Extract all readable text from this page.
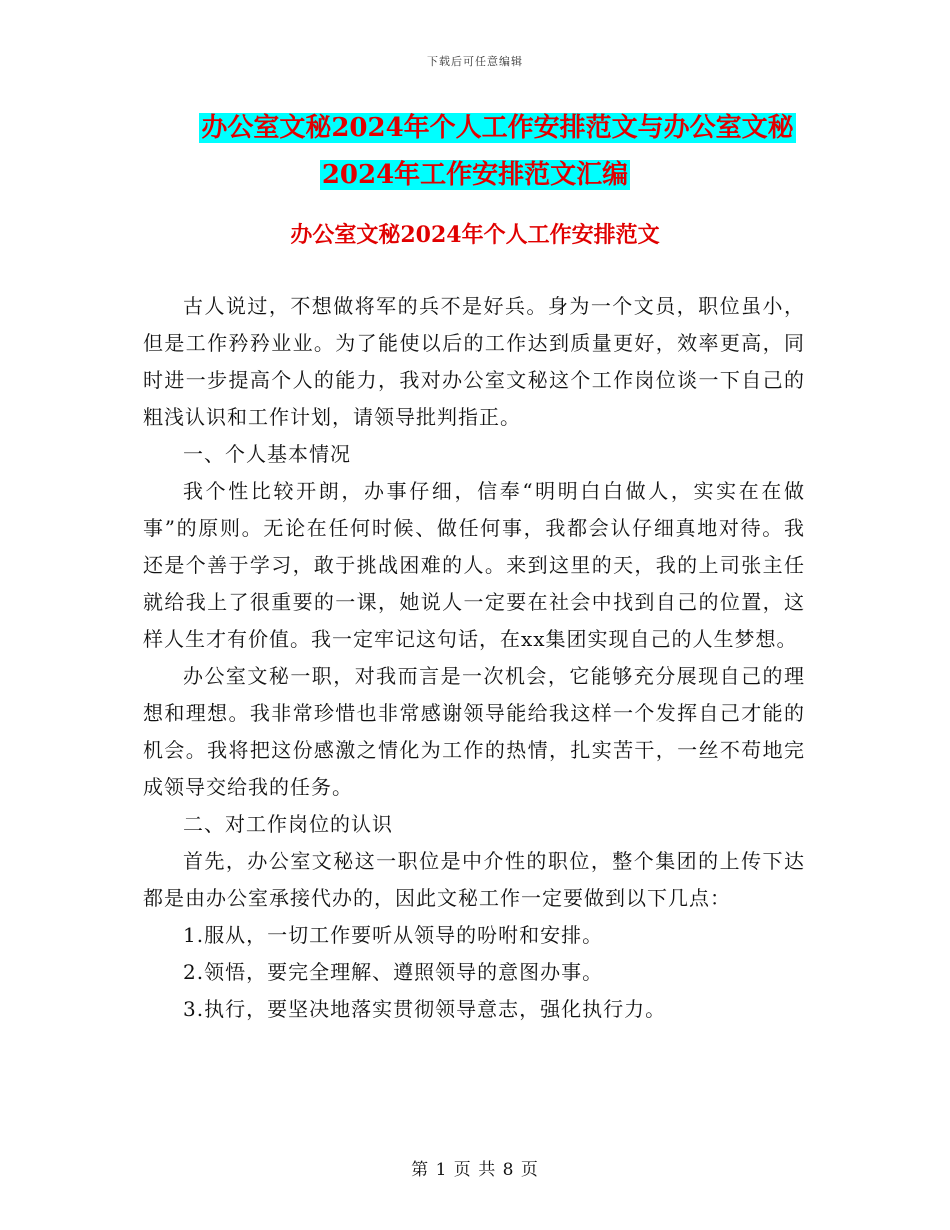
下载后可任意编辑
办公室文秘2024年个人工作安排范文与办公室文秘
2024年工作安排范文汇编
办公室文秘2024年个人工作安排范文

古人说过，不想做将军的兵不是好兵。身为一个文员，职位虽小，但是工作矜矜业业。为了能使以后的工作达到质量更好，效率更高，同时进一步提高个人的能力，我对办公室文秘这个工作岗位谈一下自己的粗浅认识和工作计划，请领导批判指正。

一、个人基本情况

我个性比较开朗，办事仔细，信奉“明明白白做人，实实在在做事”的原则。无论在任何时候、做任何事，我都会认仔细真地对待。我还是个善于学习，敢于挑战困难的人。来到这里的天，我的上司张主任就给我上了很重要的一课，她说人一定要在社会中找到自己的位置，这样人生才有价值。我一定牢记这句话，在xx集团实现自己的人生梦想。

办公室文秘一职，对我而言是一次机会，它能够充分展现自己的理想和理想。我非常珍惜也非常感谢领导能给我这样一个发挥自己才能的机会。我将把这份感激之情化为工作的热情，扎实苦干，一丝不苟地完成领导交给我的任务。

二、对工作岗位的认识

首先，办公室文秘这一职位是中介性的职位，整个集团的上传下达都是由办公室承接代办的，因此文秘工作一定要做到以下几点：

1.服从，一切工作要听从领导的吩咐和安排。

2.领悟，要完全理解、遵照领导的意图办事。

3.执行，要坚决地落实贯彻领导意志，强化执行力。

第 1 页 共 8 页
